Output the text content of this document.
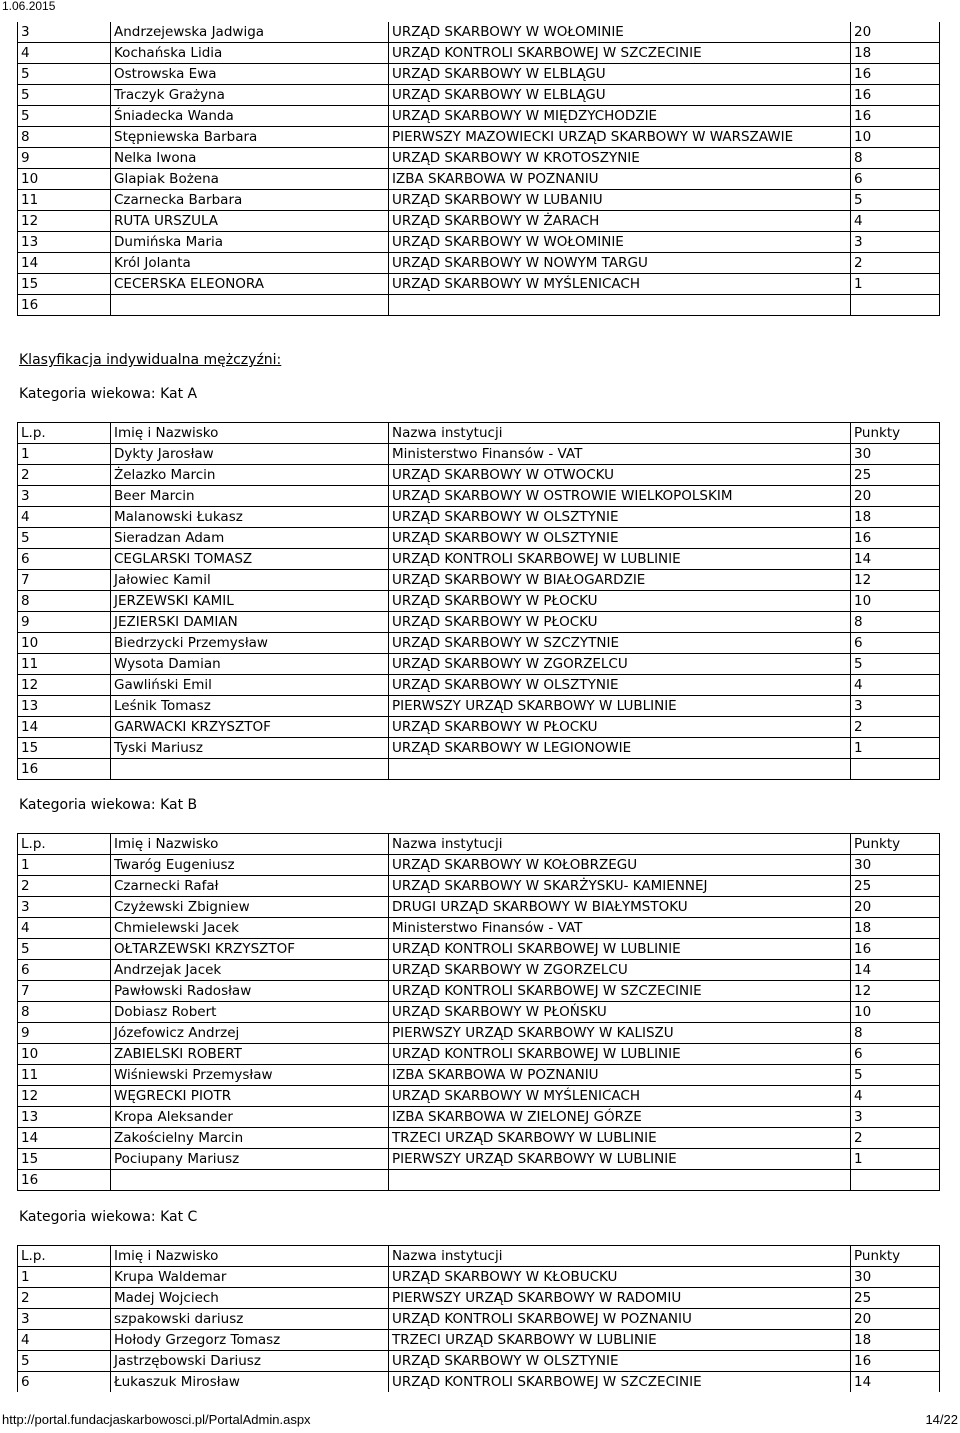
1.06.2015
3	Andrzejewska Jadwiga	URZĄD SKARBOWY W WOŁOMINIE	20
4	Kochańska Lidia	URZĄD KONTROLI SKARBOWEJ W SZCZECINIE	18
5	Ostrowska Ewa	URZĄD SKARBOWY W ELBLĄGU	16
5	Traczyk Grażyna	URZĄD SKARBOWY W ELBLĄGU	16
5	Śniadecka Wanda	URZĄD SKARBOWY W MIĘDZYCHODZIE	16
8	Stępniewska Barbara	PIERWSZY MAZOWIECKI URZĄD SKARBOWY W WARSZAWIE	10
9	Nelka Iwona	URZĄD SKARBOWY W KROTOSZYNIE	8
10	Glapiak Bożena	IZBA SKARBOWA W POZNANIU	6
11	Czarnecka Barbara	URZĄD SKARBOWY W LUBANIU	5
12	RUTA URSZULA	URZĄD SKARBOWY W ŻARACH	4
13	Dumińska Maria	URZĄD SKARBOWY W WOŁOMINIE	3
14	Król Jolanta	URZĄD SKARBOWY W NOWYM TARGU	2
15	CECERSKA ELEONORA	URZĄD SKARBOWY W MYŚLENICACH	1
16			
Klasyfikacja indywidualna mężczyźni:
Kategoria wiekowa: Kat A
L.p.	Imię i Nazwisko	Nazwa instytucji	Punkty
1	Dykty Jarosław	Ministerstwo Finansów - VAT	30
2	Żelazko Marcin	URZĄD SKARBOWY W OTWOCKU	25
3	Beer Marcin	URZĄD SKARBOWY W OSTROWIE WIELKOPOLSKIM	20
4	Malanowski Łukasz	URZĄD SKARBOWY W OLSZTYNIE	18
5	Sieradzan Adam	URZĄD SKARBOWY W OLSZTYNIE	16
6	CEGLARSKI TOMASZ	URZĄD KONTROLI SKARBOWEJ W LUBLINIE	14
7	Jałowiec Kamil	URZĄD SKARBOWY W BIAŁOGARDZIE	12
8	JERZEWSKI KAMIL	URZĄD SKARBOWY W PŁOCKU	10
9	JEZIERSKI DAMIAN	URZĄD SKARBOWY W PŁOCKU	8
10	Biedrzycki Przemysław	URZĄD SKARBOWY W SZCZYTNIE	6
11	Wysota Damian	URZĄD SKARBOWY W ZGORZELCU	5
12	Gawliński Emil	URZĄD SKARBOWY W OLSZTYNIE	4
13	Leśnik Tomasz	PIERWSZY URZĄD SKARBOWY W LUBLINIE	3
14	GARWACKI KRZYSZTOF	URZĄD SKARBOWY W PŁOCKU	2
15	Tyski Mariusz	URZĄD SKARBOWY W LEGIONOWIE	1
16			
Kategoria wiekowa: Kat B
L.p.	Imię i Nazwisko	Nazwa instytucji	Punkty
1	Twaróg Eugeniusz	URZĄD SKARBOWY W KOŁOBRZEGU	30
2	Czarnecki Rafał	URZĄD SKARBOWY W SKARŻYSKU- KAMIENNEJ	25
3	Czyżewski Zbigniew	DRUGI URZĄD SKARBOWY W BIAŁYMSTOKU	20
4	Chmielewski Jacek	Ministerstwo Finansów - VAT	18
5	OŁTARZEWSKI KRZYSZTOF	URZĄD KONTROLI SKARBOWEJ W LUBLINIE	16
6	Andrzejak Jacek	URZĄD SKARBOWY W ZGORZELCU	14
7	Pawłowski Radosław	URZĄD KONTROLI SKARBOWEJ W SZCZECINIE	12
8	Dobiasz Robert	URZĄD SKARBOWY W PŁOŃSKU	10
9	Józefowicz Andrzej	PIERWSZY URZĄD SKARBOWY W KALISZU	8
10	ZABIELSKI ROBERT	URZĄD KONTROLI SKARBOWEJ W LUBLINIE	6
11	Wiśniewski Przemysław	IZBA SKARBOWA W POZNANIU	5
12	WĘGRECKI PIOTR	URZĄD SKARBOWY W MYŚLENICACH	4
13	Kropa Aleksander	IZBA SKARBOWA W ZIELONEJ GÓRZE	3
14	Zakościelny Marcin	TRZECI URZĄD SKARBOWY W LUBLINIE	2
15	Pociupany Mariusz	PIERWSZY URZĄD SKARBOWY W LUBLINIE	1
16			
Kategoria wiekowa: Kat C
L.p.	Imię i Nazwisko	Nazwa instytucji	Punkty
1	Krupa Waldemar	URZĄD SKARBOWY W KŁOBUCKU	30
2	Madej Wojciech	PIERWSZY URZĄD SKARBOWY W RADOMIU	25
3	szpakowski dariusz	URZĄD KONTROLI SKARBOWEJ W POZNANIU	20
4	Hołody Grzegorz Tomasz	TRZECI URZĄD SKARBOWY W LUBLINIE	18
5	Jastrzębowski Dariusz	URZĄD SKARBOWY W OLSZTYNIE	16
6	Łukaszuk Mirosław	URZĄD KONTROLI SKARBOWEJ W SZCZECINIE	14
http://portal.fundacjaskarbowosci.pl/PortalAdmin.aspx	14/22
